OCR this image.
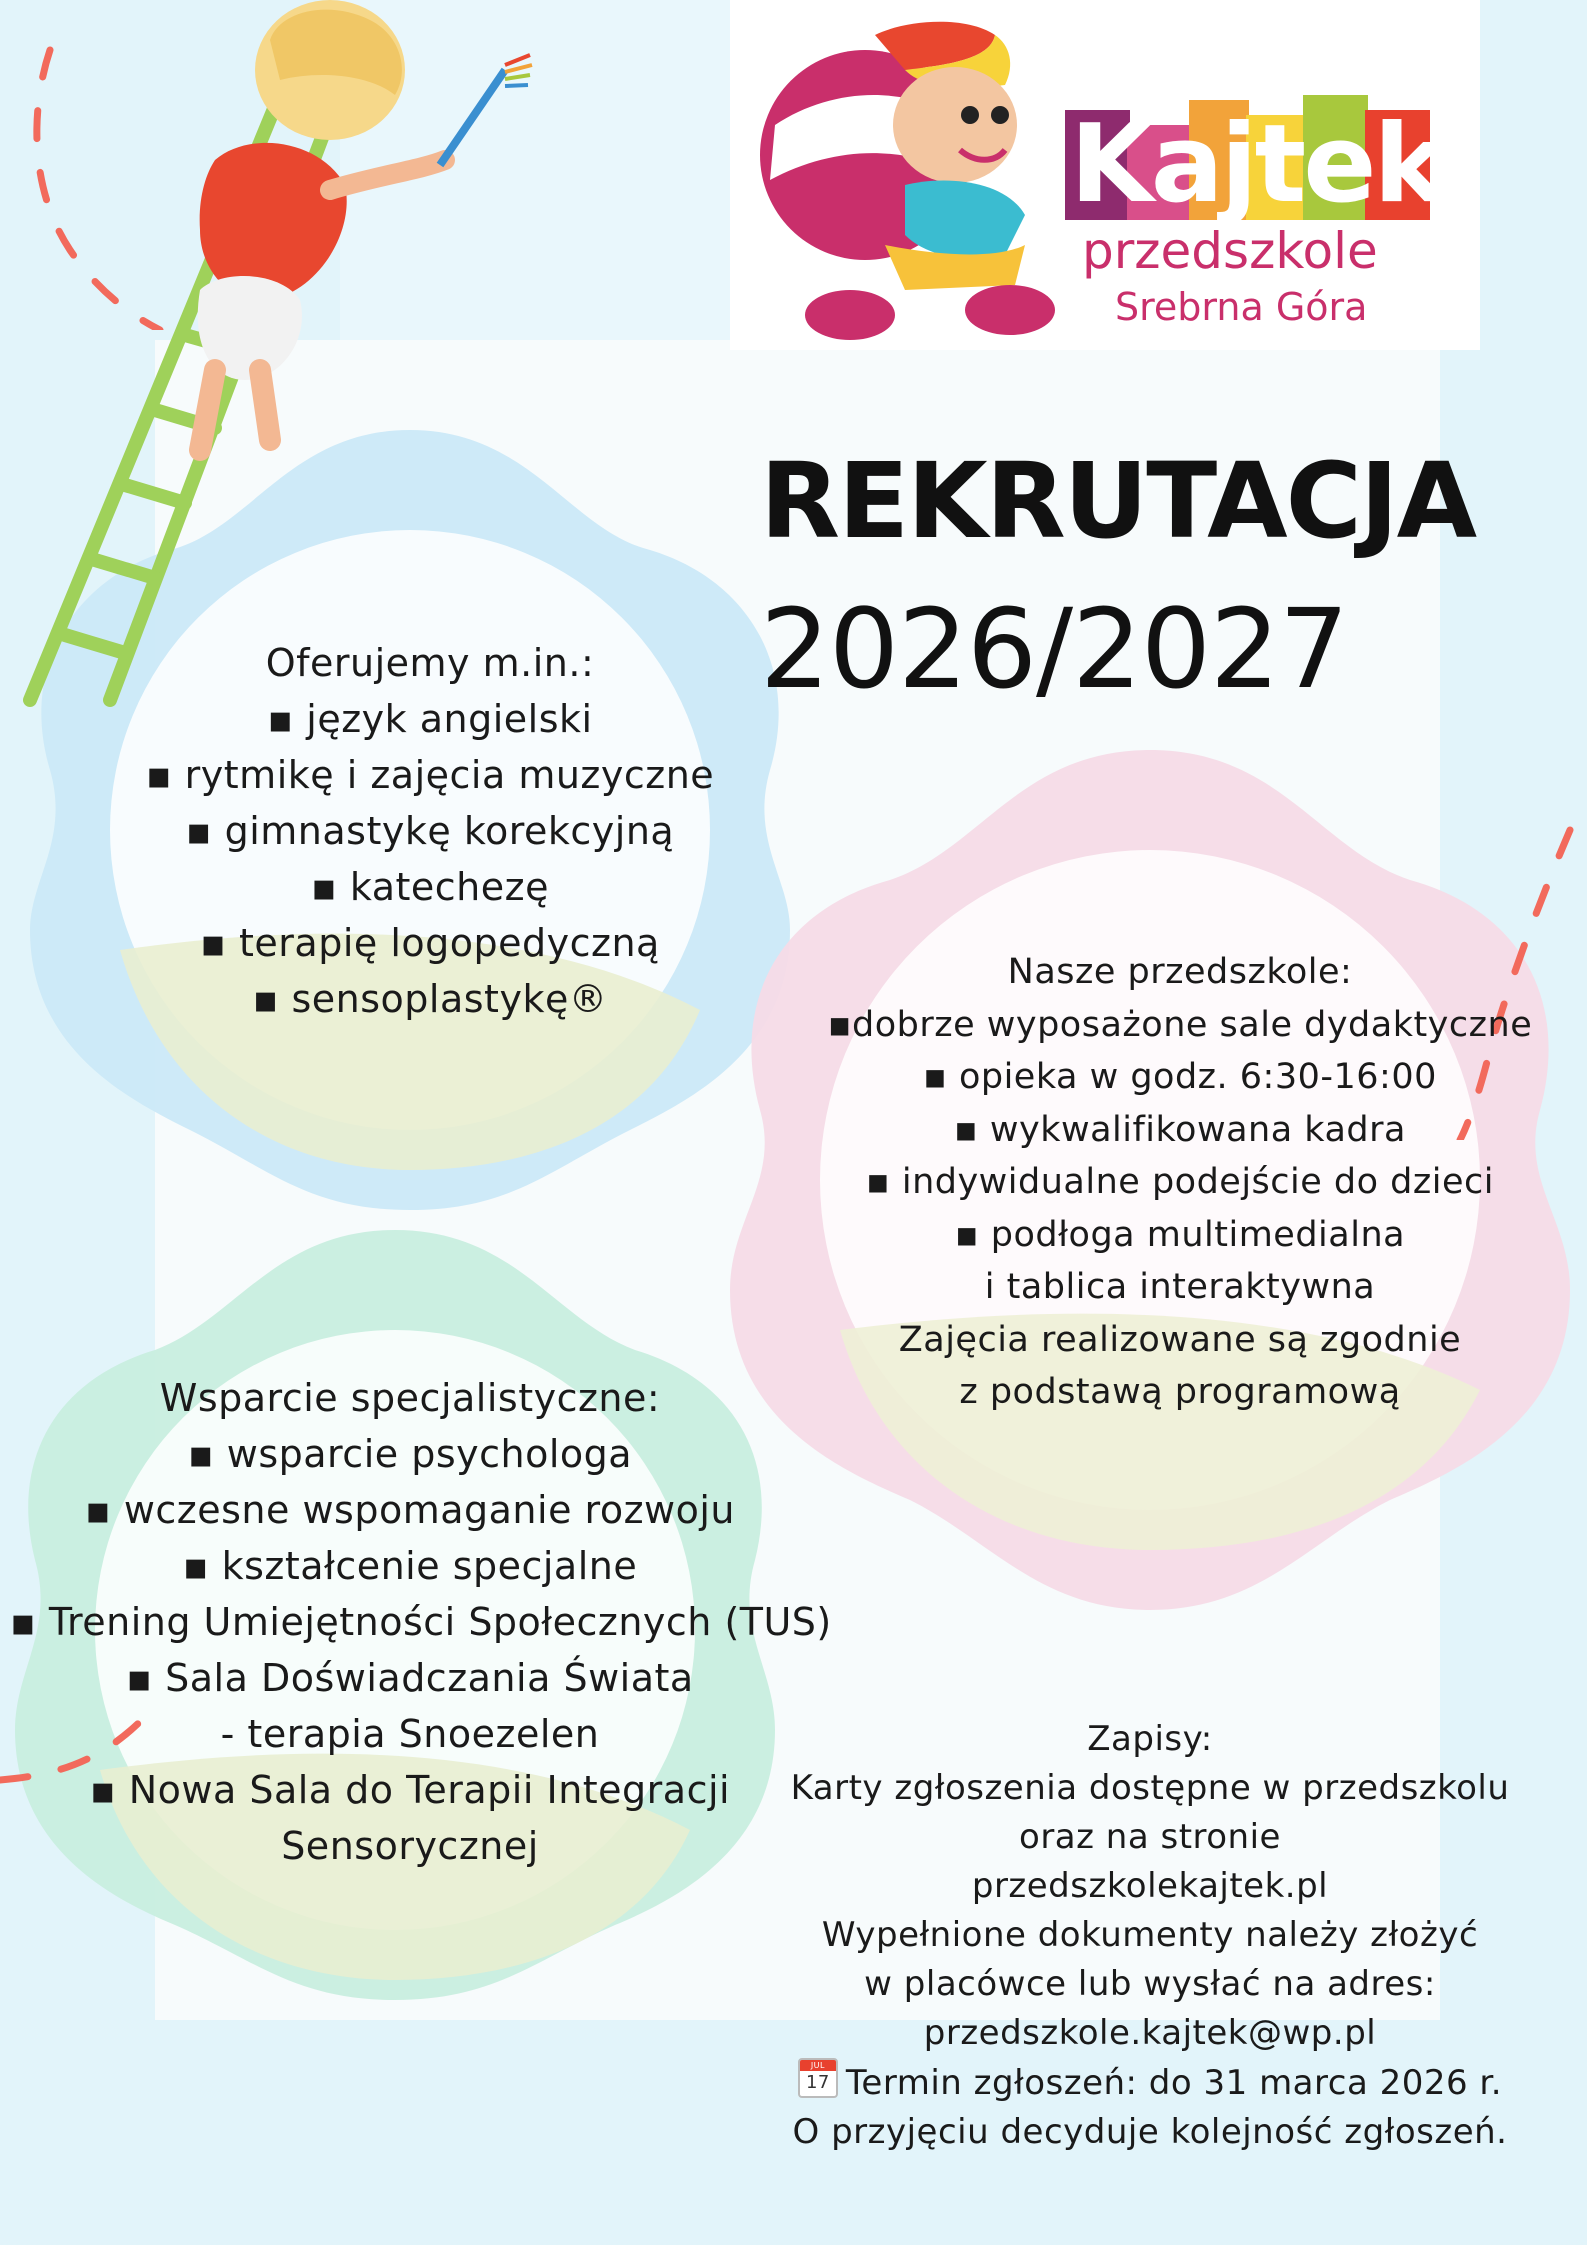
Kajtek
przedszkole
Srebrna Góra
REKRUTACJA
2026/2027
Oferujemy m.in.:
▪ język angielski
▪ rytmikę i zajęcia muzyczne
▪ gimnastykę korekcyjną
▪ katechezę
▪ terapię logopedyczną
▪ sensoplastykę®
Nasze przedszkole:
▪dobrze wyposażone sale dydaktyczne
▪ opieka w godz. 6:30-16:00
▪ wykwalifikowana kadra
▪ indywidualne podejście do dzieci
▪ podłoga multimedialna
i tablica interaktywna
Zajęcia realizowane są zgodnie
z podstawą programową
Wsparcie specjalistyczne:
▪ wsparcie psychologa
▪ wczesne wspomaganie rozwoju
▪ kształcenie specjalne
▪ Trening Umiejętności Społecznych (TUS)
▪ Sala Doświadczania Świata
- terapia Snoezelen
▪ Nowa Sala do Terapii Integracji
Sensorycznej
Zapisy:
Karty zgłoszenia dostępne w przedszkolu
oraz na stronie
przedszkolekajtek.pl
Wypełnione dokumenty należy złożyć
w placówce lub wysłać na adres:
przedszkole.kajtek@wp.pl
JUL
17 Termin zgłoszeń: do 31 marca 2026 r.
O przyjęciu decyduje kolejność zgłoszeń.
